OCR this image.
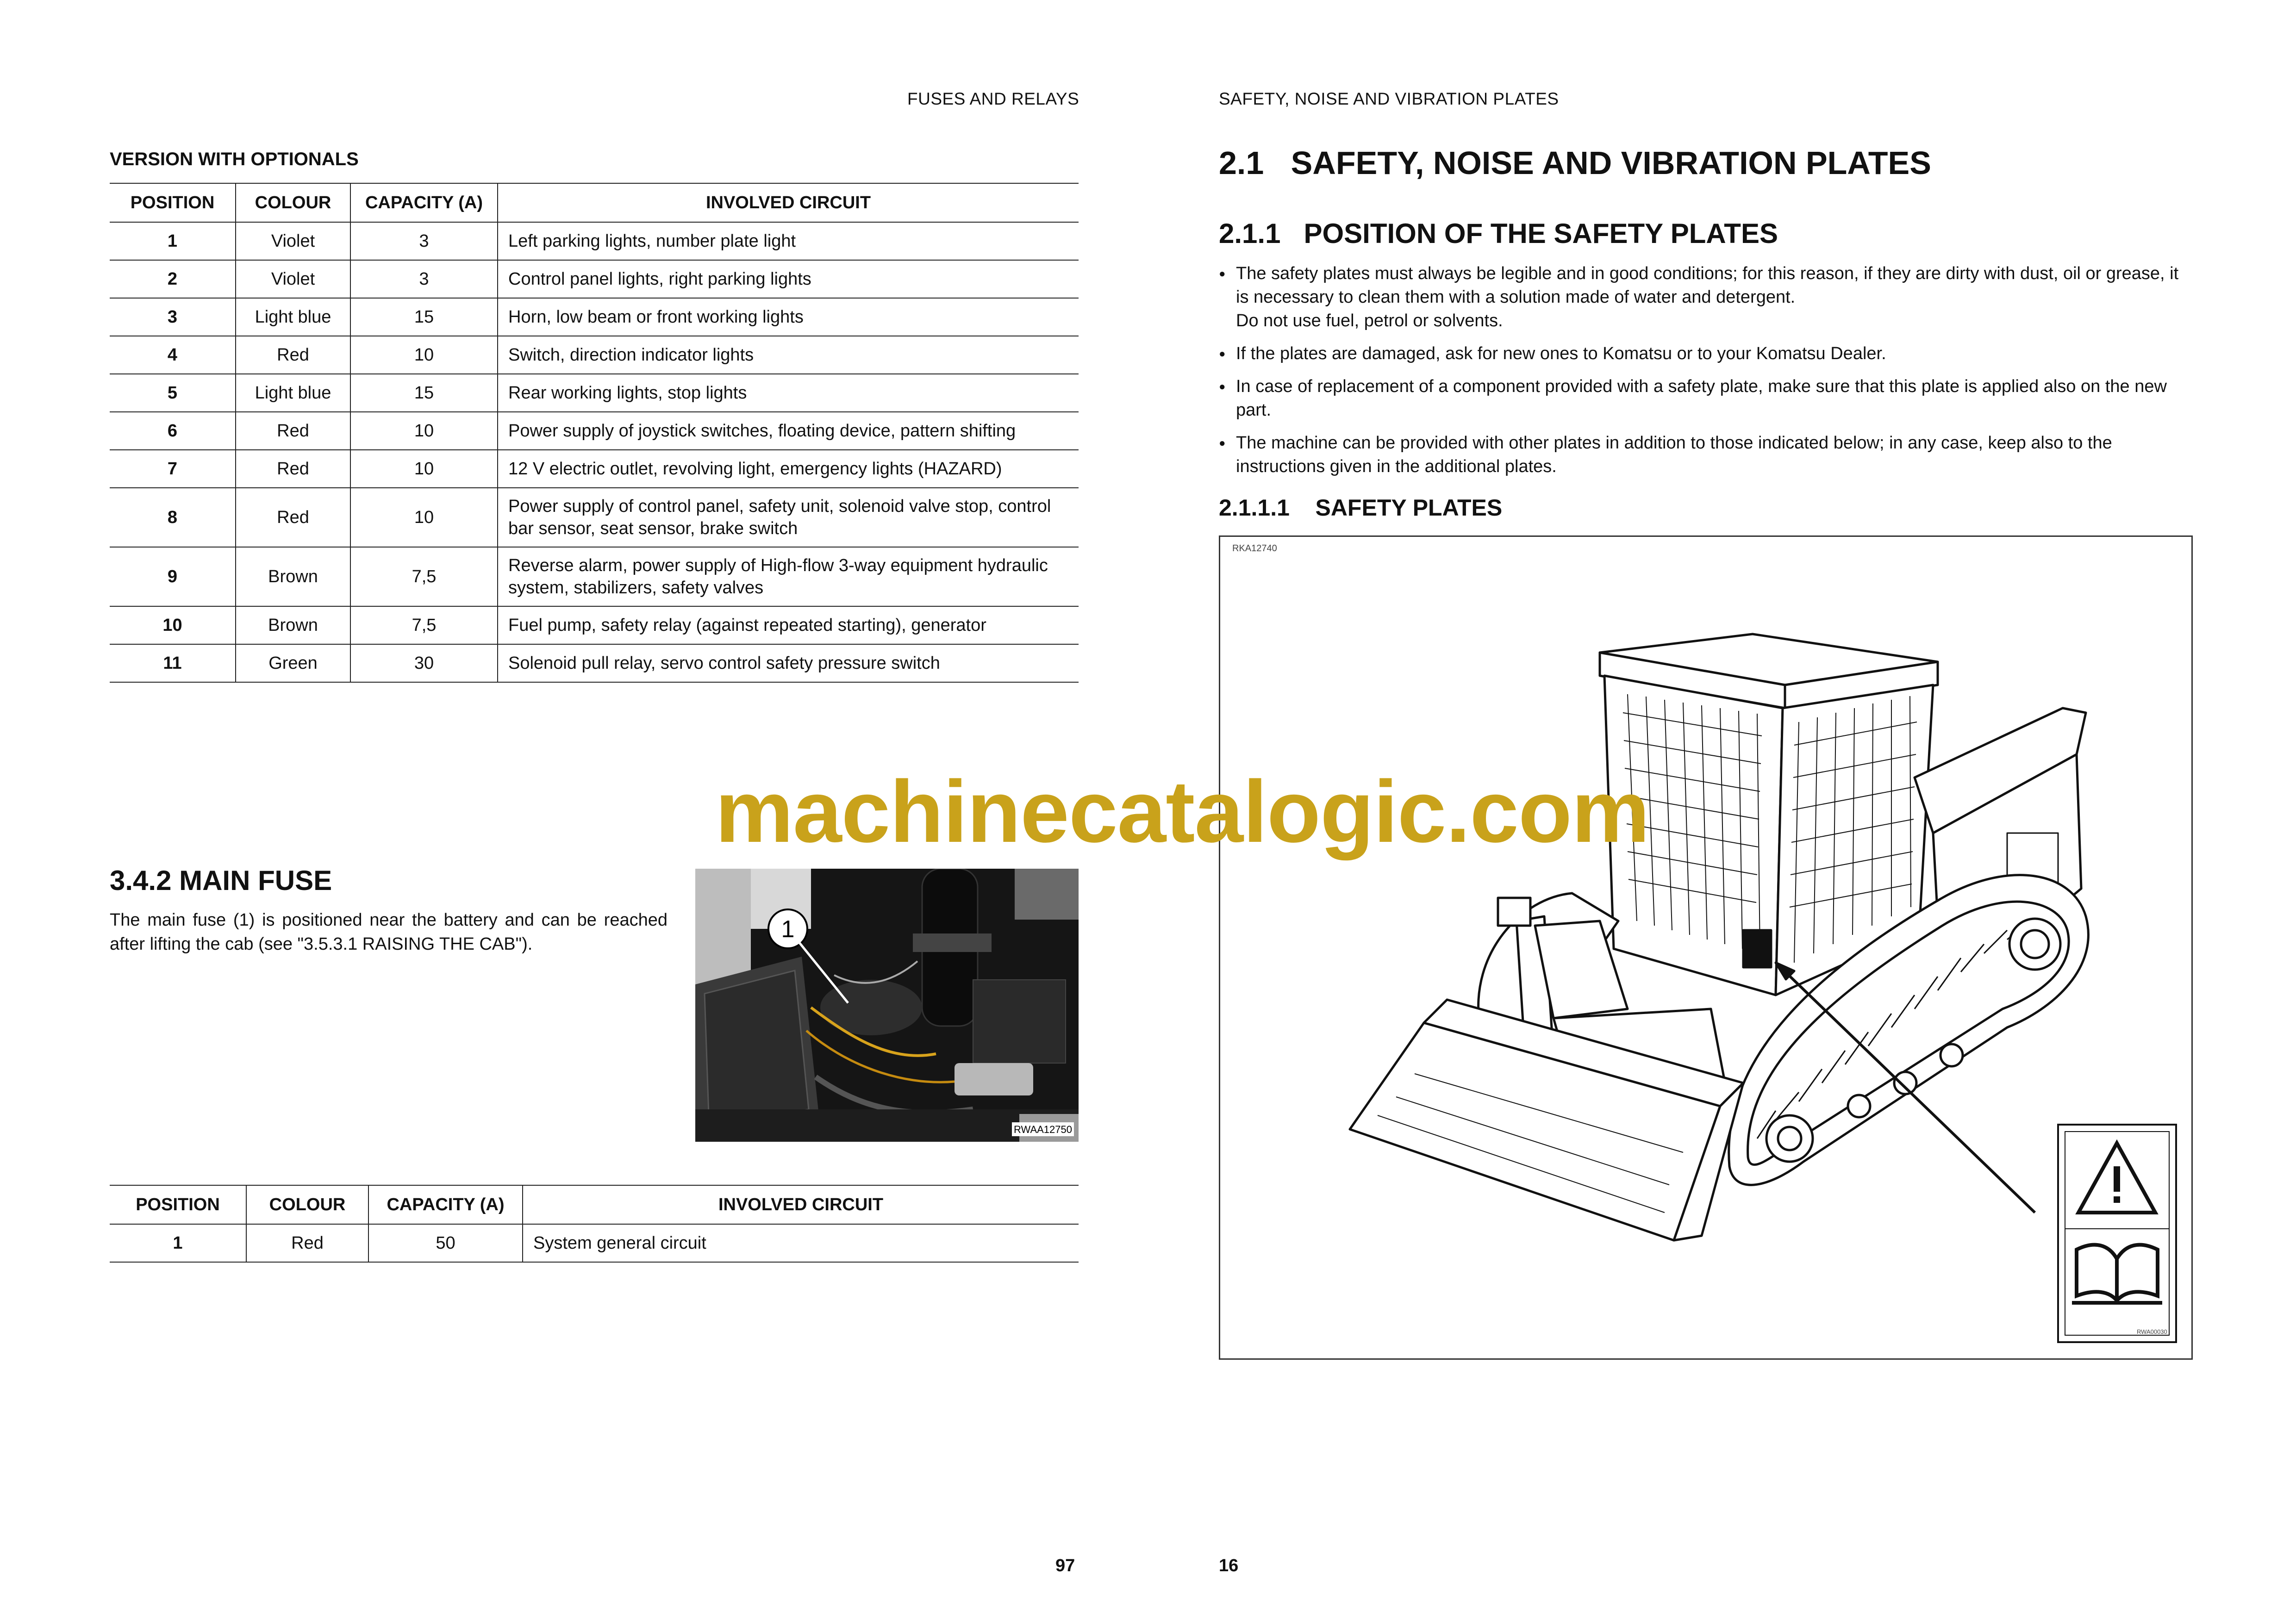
FUSES AND RELAYS
VERSION WITH OPTIONALS
POSITION	COLOUR	CAPACITY (A)	INVOLVED CIRCUIT
1	Violet	3	Left parking lights, number plate light
2	Violet	3	Control panel lights, right parking lights
3	Light blue	15	Horn, low beam or front working lights
4	Red	10	Switch, direction indicator lights
5	Light blue	15	Rear working lights, stop lights
6	Red	10	Power supply of joystick switches, floating device, pattern shifting
7	Red	10	12 V electric outlet, revolving light, emergency lights (HAZARD)
8	Red	10	Power supply of control panel, safety unit, solenoid valve stop, control bar sensor, seat sensor, brake switch
9	Brown	7,5	Reverse alarm, power supply of High-flow 3-way equipment hydraulic system, stabilizers, safety valves
10	Brown	7,5	Fuel pump, safety relay (against repeated starting), generator
11	Green	30	Solenoid pull relay, servo control safety pressure switch
3.4.2 MAIN FUSE
The main fuse (1) is positioned near the battery and can be reached after lifting the cab (see "3.5.3.1 RAISING THE CAB").
1
RWAA12750
POSITION	COLOUR	CAPACITY (A)	INVOLVED CIRCUIT
1	Red	50	System general circuit
97
SAFETY, NOISE AND VIBRATION PLATES
2.1   SAFETY, NOISE AND VIBRATION PLATES
2.1.1   POSITION OF THE SAFETY PLATES
● The safety plates must always be legible and in good conditions; for this reason, if they are dirty with dust, oil or grease, it is necessary to clean them with a solution made of water and detergent.
Do not use fuel, petrol or solvents.
● If the plates are damaged, ask for new ones to Komatsu or to your Komatsu Dealer.
● In case of replacement of a component provided with a safety plate, make sure that this plate is applied also on the new part.
● The machine can be provided with other plates in addition to those indicated below; in any case, keep also to the instructions given in the additional plates.
2.1.1.1    SAFETY PLATES
RKA12740
RWA00030
16
machinecatalogic.com
